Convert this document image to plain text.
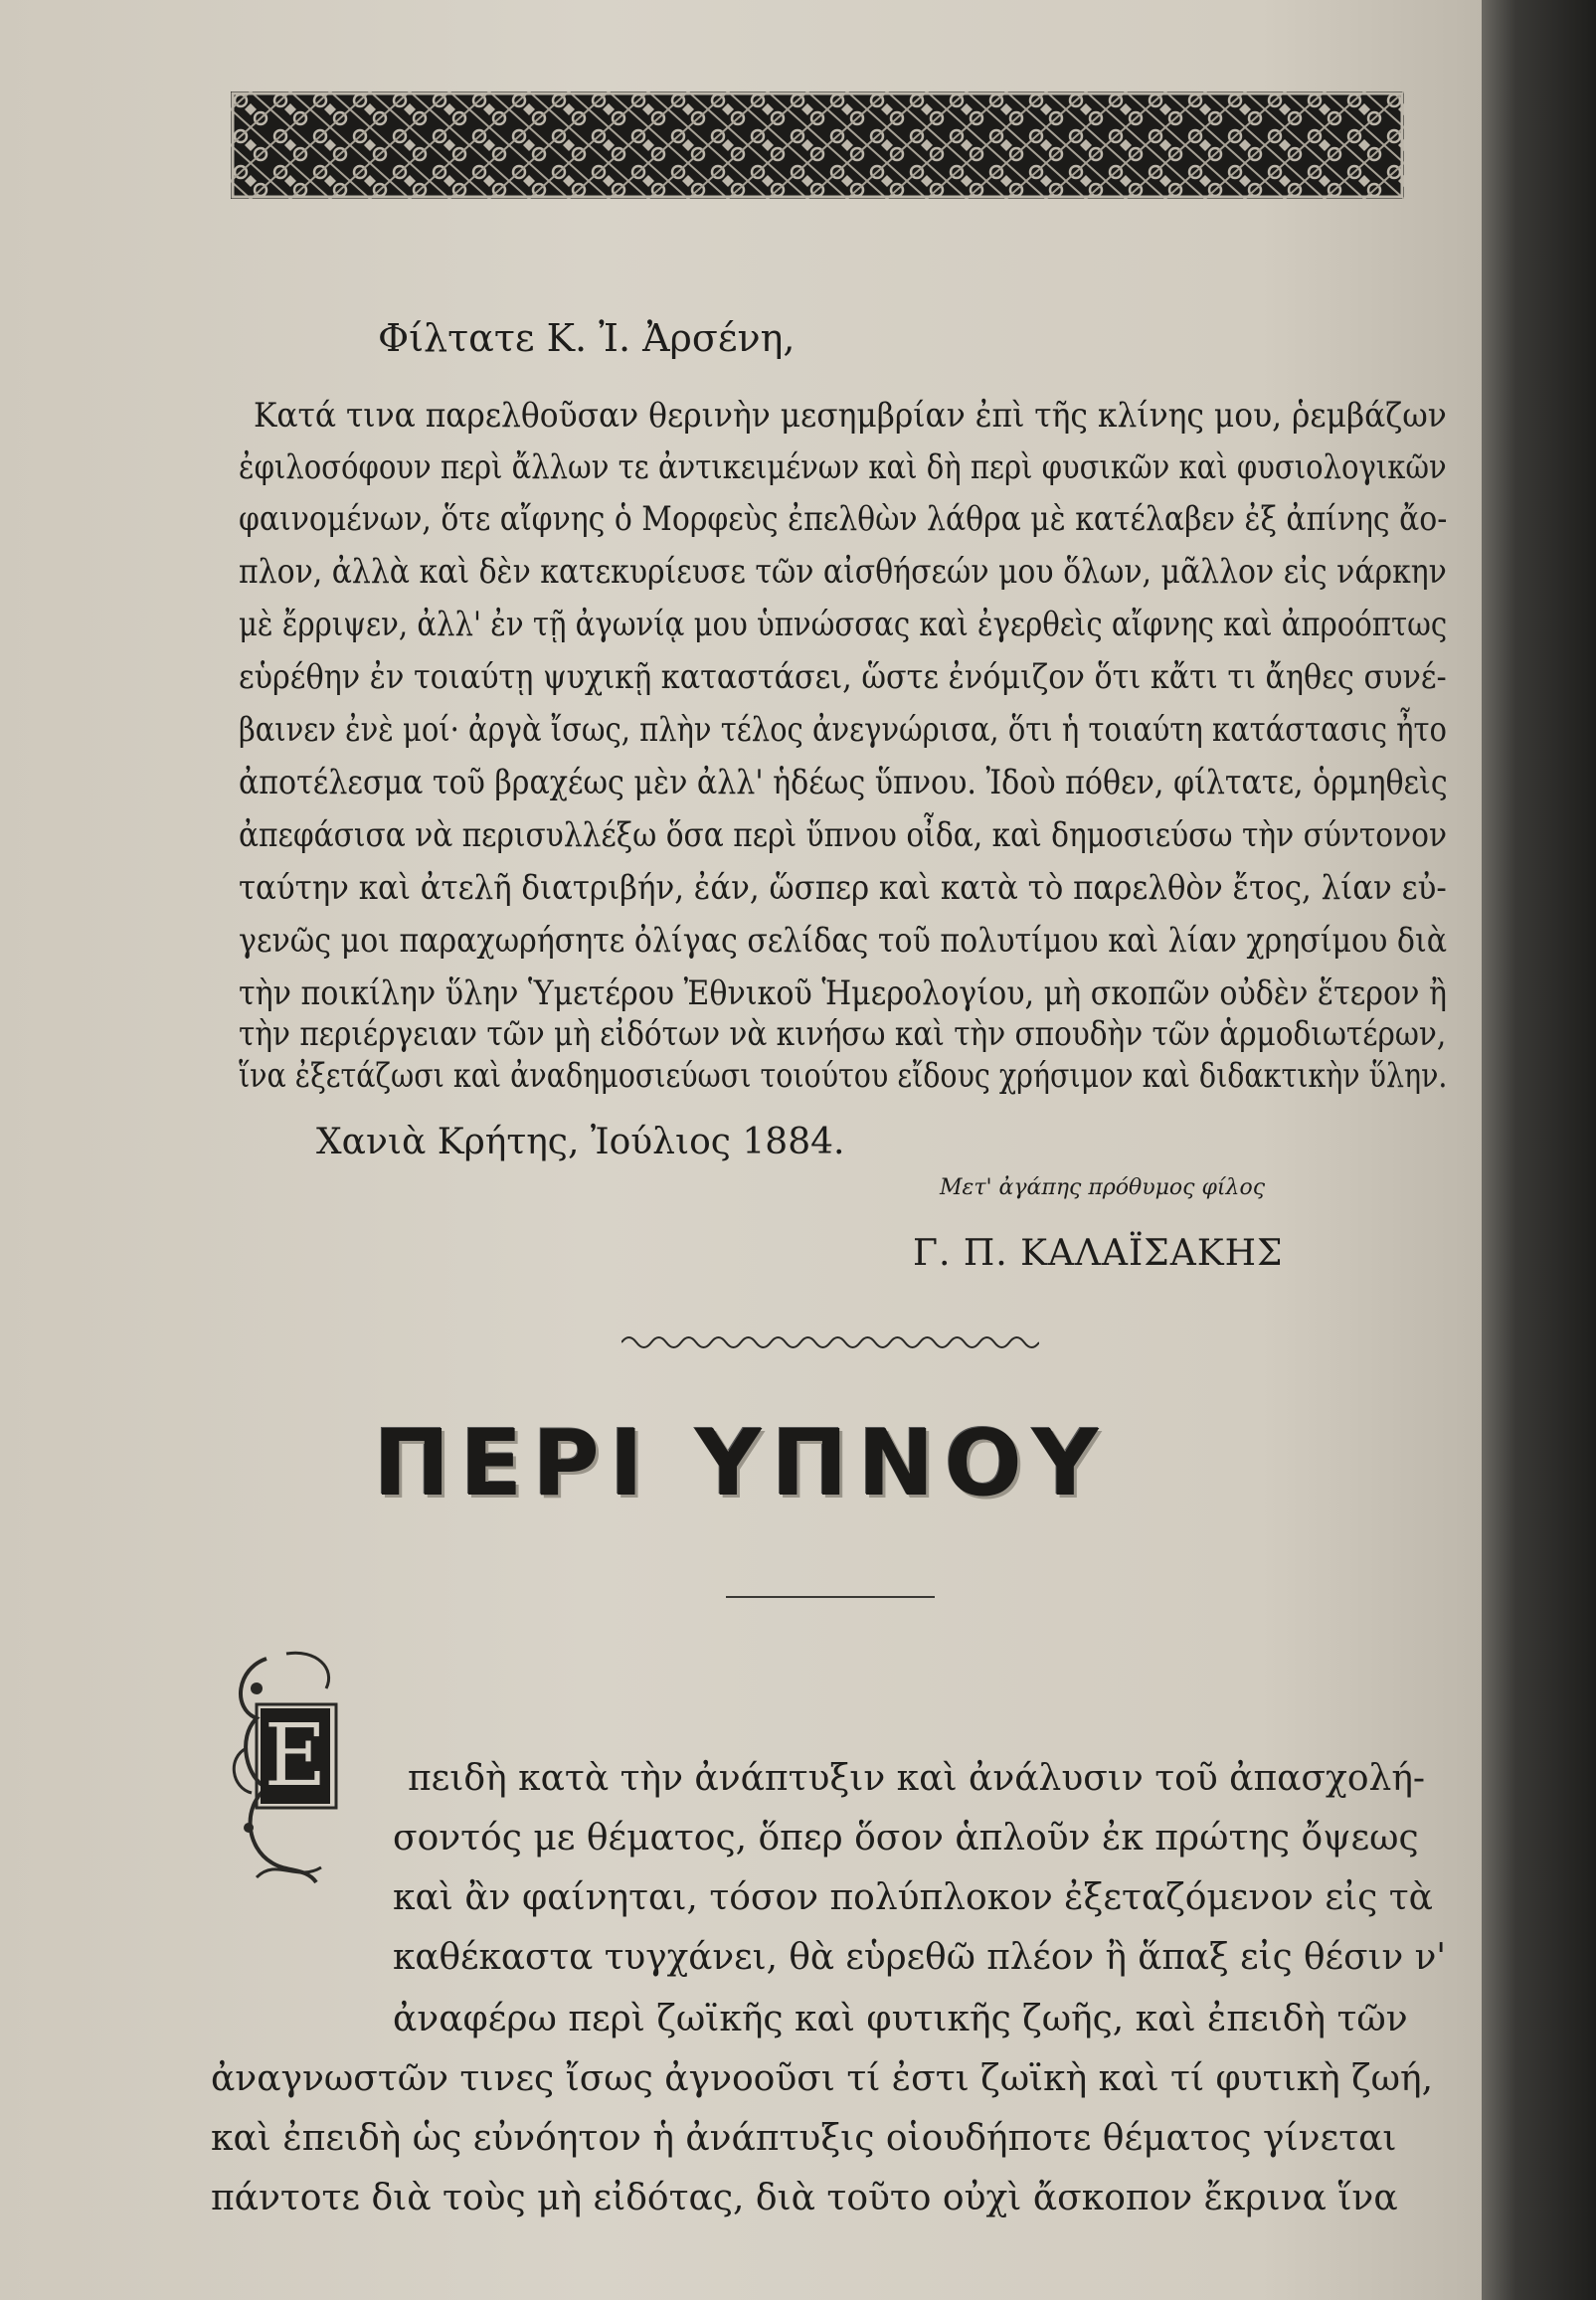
Φίλτατε Κ. Ἰ. Ἀρσένη,
Κατά τινα παρελθοῦσαν θερινὴν μεσημβρίαν ἐπὶ τῆς κλίνης μου, ῥεμβάζων
ἐφιλοσόφουν περὶ ἄλλων τε ἀντικειμένων καὶ δὴ περὶ φυσικῶν καὶ φυσιολογικῶν
φαινομένων, ὅτε αἴφνης ὁ Μορφεὺς ἐπελθὼν λάθρα μὲ κατέλαβεν ἐξ ἀπίνης ἄο-
πλον, ἀλλὰ καὶ δὲν κατεκυρίευσε τῶν αἰσθήσεών μου ὅλων, μᾶλλον εἰς νάρκην
μὲ ἔρριψεν, ἀλλ' ἐν τῇ ἀγωνίᾳ μου ὑπνώσσας καὶ ἐγερθεὶς αἴφνης καὶ ἀπροόπτως
εὑρέθην ἐν τοιαύτῃ ψυχικῇ καταστάσει, ὥστε ἐνόμιζον ὅτι κἄτι τι ἄηθες συνέ-
βαινεν ἐνὲ μοί· ἀργὰ ἴσως, πλὴν τέλος ἀνεγνώρισα, ὅτι ἡ τοιαύτη κατάστασις ἦτο
ἀποτέλεσμα τοῦ βραχέως μὲν ἀλλ' ἡδέως ὕπνου. Ἰδοὺ πόθεν, φίλτατε, ὁρμηθεὶς
ἀπεφάσισα νὰ περισυλλέξω ὅσα περὶ ὕπνου οἶδα, καὶ δημοσιεύσω τὴν σύντονον
ταύτην καὶ ἀτελῆ διατριβήν, ἐάν, ὥσπερ καὶ κατὰ τὸ παρελθὸν ἔτος, λίαν εὐ-
γενῶς μοι παραχωρήσητε ὀλίγας σελίδας τοῦ πολυτίμου καὶ λίαν χρησίμου διὰ
τὴν ποικίλην ὕλην Ὑμετέρου Ἐθνικοῦ Ἡμερολογίου, μὴ σκοπῶν οὐδὲν ἕτερον ἢ
τὴν περιέργειαν τῶν μὴ εἰδότων νὰ κινήσω καὶ τὴν σπουδὴν τῶν ἁρμοδιωτέρων,
ἵνα ἐξετάζωσι καὶ ἀναδημοσιεύωσι τοιούτου εἴδους χρήσιμον καὶ διδακτικὴν ὕλην.
Χανιὰ Κρήτης, Ἰούλιος 1884.
Μετ' ἀγάπης πρόθυμος φίλος
Γ. Π. ΚΑΛΑΪΣΑΚΗΣ
ΠΕΡΙ ΥΠΝΟΥ
Ε πειδὴ κατὰ τὴν ἀνάπτυξιν καὶ ἀνάλυσιν τοῦ ἀπασχολή-
σοντός με θέματος, ὅπερ ὅσον ἁπλοῦν ἐκ πρώτης ὄψεως
καὶ ἂν φαίνηται, τόσον πολύπλοκον ἐξεταζόμενον εἰς τὰ
καθέκαστα τυγχάνει, θὰ εὑρεθῶ πλέον ἢ ἅπαξ εἰς θέσιν ν'
ἀναφέρω περὶ ζωϊκῆς καὶ φυτικῆς ζωῆς, καὶ ἐπειδὴ τῶν
ἀναγνωστῶν τινες ἴσως ἀγνοοῦσι τί ἐστι ζωϊκὴ καὶ τί φυτικὴ ζωή,
καὶ ἐπειδὴ ὡς εὐνόητον ἡ ἀνάπτυξις οἱουδήποτε θέματος γίνεται
πάντοτε διὰ τοὺς μὴ εἰδότας, διὰ τοῦτο οὐχὶ ἄσκοπον ἔκρινα ἵνα
